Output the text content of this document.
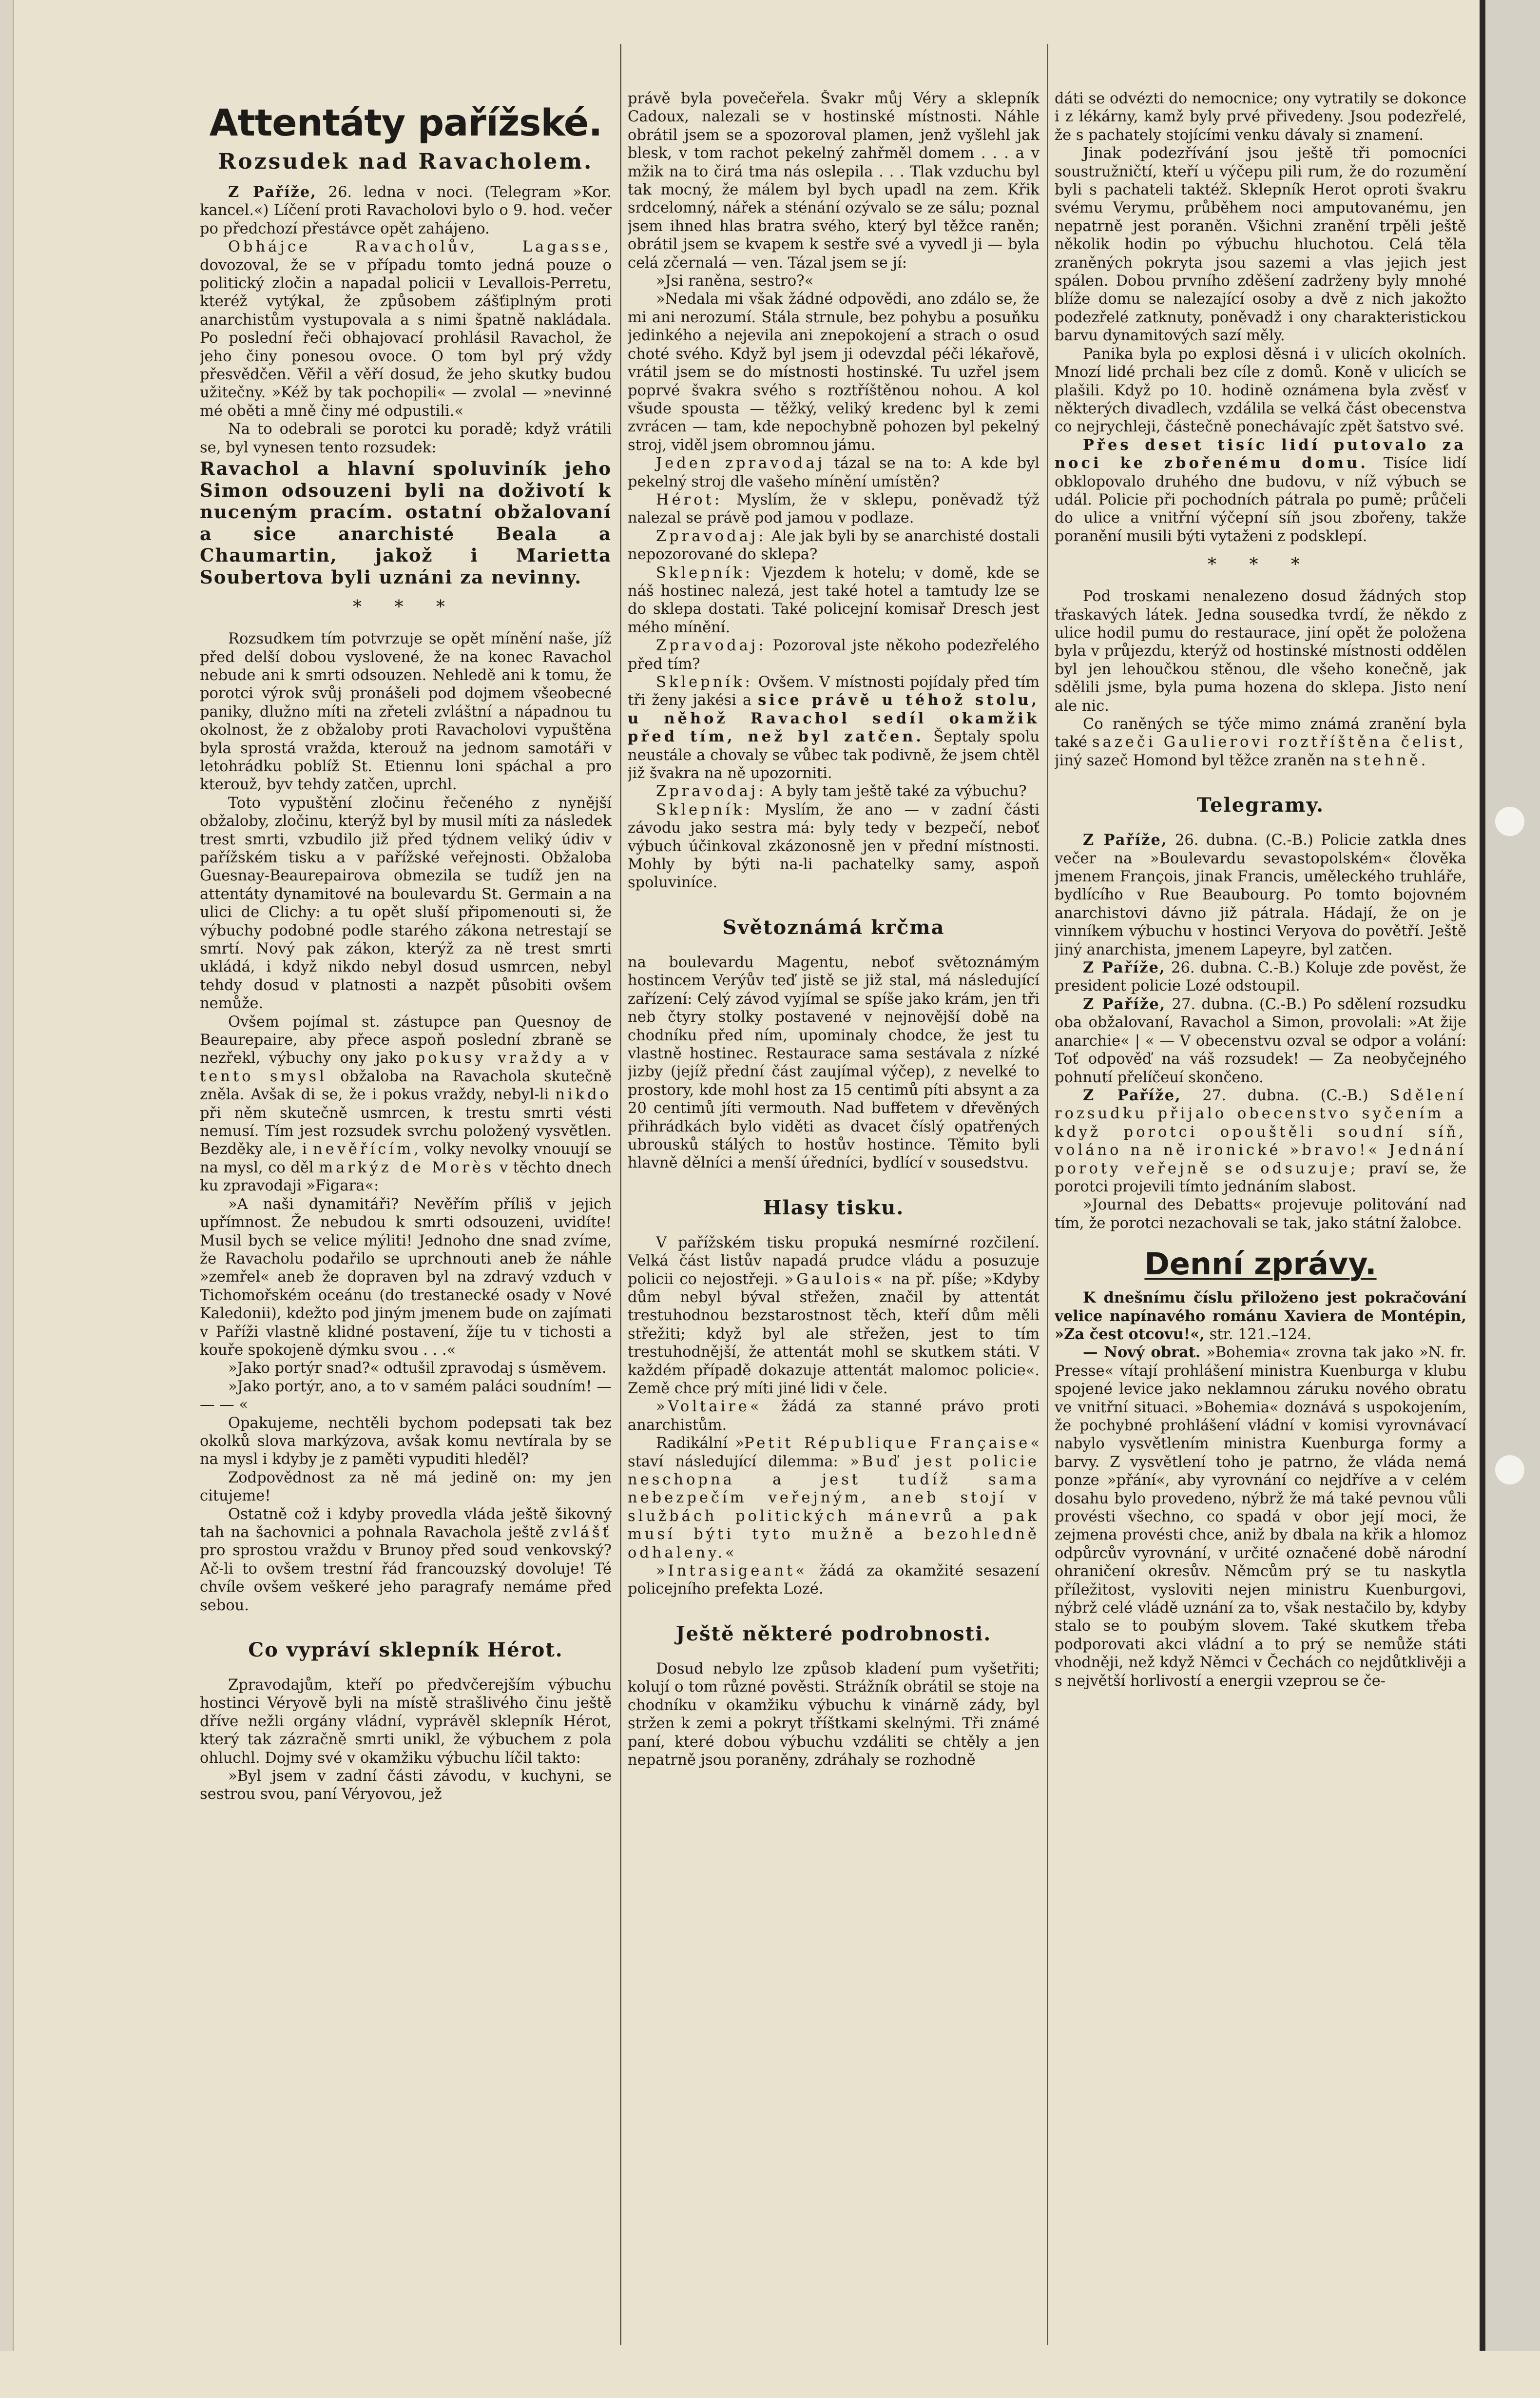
Attentáty pařížské.
Rozsudek nad Ravacholem.

Z Paříže, 26. ledna v noci. (Telegram »Kor. kancel.«) Líčení proti Ravacholovi bylo o 9. hod. večer po předchozí přestávce opět zahájeno.

Obhájce Ravacholův, Lagasse, dovozoval, že se v případu tomto jedná pouze o politický zločin a napadal policii v Levallois-Perretu, kteréž vytýkal, že způsobem zášťiplným proti anarchistům vystupovala a s nimi špatně nakládala. Po poslední řeči obhajovací prohlásil Ravachol, že jeho činy ponesou ovoce. O tom byl prý vždy přesvědčen. Věřil a věří dosud, že jeho skutky budou užitečny. »Kéž by tak pochopili« — zvolal — »nevinné mé oběti a mně činy mé odpustili.«

Na to odebrali se porotci ku poradě; když vrátili se, byl vynesen tento rozsudek:

Ravachol a hlavní spoluviník jeho Simon odsouzeni byli na doživotí k nuceným pracím. ostatní obžalovaní a sice anarchisté Beala a Chaumartin, jakož i Marietta Soubertova byli uznáni za nevinny.
* * *

Rozsudkem tím potvrzuje se opět mínění naše, jíž před delší dobou vyslovené, že na konec Ravachol nebude ani k smrti odsouzen. Nehledě ani k tomu, že porotci výrok svůj pronášeli pod dojmem všeobecné paniky, dlužno míti na zřeteli zvláštní a nápadnou tu okolnost, že z obžaloby proti Ravacholovi vypuštěna byla sprostá vražda, kterouž na jednom samotáři v letohrádku poblíž St. Etiennu loni spáchal a pro kterouž, byv tehdy zatčen, uprchl.

Toto vypuštění zločinu řečeného z nynější obžaloby, zločinu, kterýž byl by musil míti za následek trest smrti, vzbudilo již před týdnem veliký údiv v pařížském tisku a v pařížské veřejnosti. Obžaloba Guesnay-Beaurepairova obmezila se tudíž jen na attentáty dynamitové na boulevardu St. Germain a na ulici de Clichy: a tu opět sluší připomenouti si, že výbuchy podobné podle starého zákona netrestají se smrtí. Nový pak zákon, kterýž za ně trest smrti ukládá, i když nikdo nebyl dosud usmrcen, nebyl tehdy dosud v platnosti a nazpět působiti ovšem nemůže.

Ovšem pojímal st. zástupce pan Quesnoy de Beaurepaire, aby přece aspoň poslední zbraně se nezřekl, výbuchy ony jako pokusy vraždy a v tento smysl obžaloba na Ravachola skutečně zněla. Avšak di se, že i pokus vraždy, nebyl-li nikdo při něm skutečně usmrcen, k trestu smrti vésti nemusí. Tím jest rozsudek svrchu položený vysvětlen. Bezděky ale, i nevěřícím, volky nevolky vnouují se na mysl, co děl markýz de Morès v těchto dnech ku zpravodaji »Figara«:

»A naši dynamitáři? Nevěřím příliš v jejich upřímnost. Že nebudou k smrti odsouzeni, uvidíte! Musil bych se velice mýliti! Jednoho dne snad zvíme, že Ravacholu podařilo se uprchnouti aneb že náhle »zemřel« aneb že dopraven byl na zdravý vzduch v Tichomořském oceánu (do trestanecké osady v Nové Kaledonii), kdežto pod jiným jmenem bude on zajímati v Paříži vlastně klidné postavení, žíje tu v tichosti a kouře spokojeně dýmku svou . . .«

»Jako portýr snad?« odtušil zpravodaj s úsměvem.

»Jako portýr, ano, a to v samém paláci soudním! — — — «

Opakujeme, nechtěli bychom podepsati tak bez okolků slova markýzova, avšak komu nevtírala by se na mysl i kdyby je z paměti vypuditi hleděl?

Zodpovědnost za ně má jedině on: my jen citujeme!

Ostatně což i kdyby provedla vláda ještě šikovný tah na šachovnici a pohnala Ravachola ještě zvlášť pro sprostou vraždu v Brunoy před soud venkovský? Ač-li to ovšem trestní řád francouzský dovoluje! Té chvíle ovšem veškeré jeho paragrafy nemáme před sebou.

Co vypráví sklepník Hérot.

Zpravodajům, kteří po předvčerejším výbuchu hostinci Véryově byli na místě strašlivého činu ještě dříve nežli orgány vládní, vyprávěl sklepník Hérot, který tak zázračně smrti unikl, že výbuchem z pola ohluchl. Dojmy své v okamžiku výbuchu líčil takto:

»Byl jsem v zadní části závodu, v kuchyni, se sestrou svou, paní Véryovou, jež

právě byla povečeřela. Švakr můj Véry a sklepník Cadoux, nalezali se v hostinské místnosti. Náhle obrátil jsem se a spozoroval plamen, jenž vyšlehl jak blesk, v tom rachot pekelný zahřměl domem . . . a v mžik na to čirá tma nás oslepila . . . Tlak vzduchu byl tak mocný, že málem byl bych upadl na zem. Křik srdcelomný, nářek a sténání ozývalo se ze sálu; poznal jsem ihned hlas bratra svého, který byl těžce raněn; obrátil jsem se kvapem k sestře své a vyvedl ji — byla celá zčernalá — ven. Tázal jsem se jí:

»Jsi raněna, sestro?«

»Nedala mi však žádné odpovědi, ano zdálo se, že mi ani nerozumí. Stála strnule, bez pohybu a posuňku jedinkého a nejevila ani znepokojení a strach o osud choté svého. Když byl jsem ji odevzdal péči lékařově, vrátil jsem se do místnosti hostinské. Tu uzřel jsem poprvé švakra svého s roztříštěnou nohou. A kol všude spousta — těžký, veliký kredenc byl k zemi zvrácen — tam, kde nepochybně pohozen byl pekelný stroj, viděl jsem obromnou jámu.

Jeden zpravodaj tázal se na to: A kde byl pekelný stroj dle vašeho mínění umístěn?

Hérot: Myslím, že v sklepu, poněvadž týž nalezal se právě pod jamou v podlaze.

Zpravodaj: Ale jak byli by se anarchisté dostali nepozorované do sklepa?

Sklepník: Vjezdem k hotelu; v domě, kde se náš hostinec nalezá, jest také hotel a tamtudy lze se do sklepa dostati. Také policejní komisař Dresch jest mého mínění.

Zpravodaj: Pozoroval jste někoho podezřelého před tím?

Sklepník: Ovšem. V místnosti pojídaly před tím tři ženy jakési a sice právě u téhož stolu, u něhož Ravachol sedíl okamžik před tím, než byl zatčen. Šeptaly spolu neustále a chovaly se vůbec tak podivně, že jsem chtěl již švakra na ně upozorniti.

Zpravodaj: A byly tam ještě také za výbuchu?

Sklepník: Myslím, že ano — v zadní části závodu jako sestra má: byly tedy v bezpečí, neboť výbuch účinkoval zkázonosně jen v přední místnosti. Mohly by býti na-li pachatelky samy, aspoň spoluviníce.

Světoznámá krčma

na boulevardu Magentu, neboť světoznámým hostincem Verýův teď jistě se již stal, má následující zařízení: Celý závod vyjímal se spíše jako krám, jen tři neb čtyry stolky postavené v nejnovější době na chodníku před ním, upominaly chodce, že jest tu vlastně hostinec. Restaurace sama sestávala z nízké jizby (jejíž přední část zaujímal výčep), z nevelké to prostory, kde mohl host za 15 centimů píti absynt a za 20 centimů jíti vermouth. Nad buffetem v dřevěných přihrádkách bylo viděti as dvacet číslý opatřených ubrousků stálých to hostův hostince. Těmito byli hlavně dělníci a menší úředníci, bydlící v sousedstvu.

Hlasy tisku.

V pařížském tisku propuká nesmírné rozčilení. Velká část listův napadá prudce vládu a posuzuje policii co nejostřeji. »Gaulois« na př. píše; »Kdyby dům nebyl býval střežen, značil by attentát trestuhodnou bezstarostnost těch, kteří dům měli střežiti; když byl ale střežen, jest to tím trestuhodnější, že attentát mohl se skutkem státi. V každém případě dokazuje attentát malomoc policie«. Země chce prý míti jiné lidi v čele.

»Voltaire« žádá za stanné právo proti anarchistům.

Radikální »Petit République Française« staví následující dilemma: »Buď jest policie neschopna a jest tudíž sama nebezpečím veřejným, aneb stojí v službách politických mánevrů a pak musí býti tyto mužně a bezohledně odhaleny.«

»Intrasigeant« žádá za okamžité sesazení policejního prefekta Lozé.

Ještě některé podrobnosti.

Dosud nebylo lze způsob kladení pum vyšetřiti; kolují o tom různé pověsti. Strážník obrátil se stoje na chodníku v okamžiku výbuchu k vinárně zády, byl stržen k zemi a pokryt tříštkami skelnými. Tři známé paní, které dobou výbuchu vzdáliti se chtěly a jen nepatrně jsou poraněny, zdráhaly se rozhodně

dáti se odvézti do nemocnice; ony vytratily se dokonce i z lékárny, kamž byly prvé přivedeny. Jsou podezřelé, že s pachately stojícími venku dávaly si znamení.

Jinak podezřívání jsou ještě tři pomocníci soustružničtí, kteří u výčepu pili rum, že do rozumění byli s pachateli taktéž. Sklepník Herot oproti švakru svému Verymu, průběhem noci amputovanému, jen nepatrně jest poraněn. Všichni zranění trpěli ještě několik hodin po výbuchu hluchotou. Celá těla zraněných pokryta jsou sazemi a vlas jejich jest spálen. Dobou prvního zděšení zadrženy byly mnohé blíže domu se nalezající osoby a dvě z nich jakožto podezřelé zatknuty, poněvadž i ony charakteristickou barvu dynamitových sazí měly.

Panika byla po explosi děsná i v ulicích okolních. Mnozí lidé prchali bez cíle z domů. Koně v ulicích se plašili. Když po 10. hodině oznámena byla zvěsť v některých divadlech, vzdálila se velká část obecenstva co nejrychleji, částečně ponechávajíc zpět šatstvo své.

Přes deset tisíc lidí putovalo za noci ke zbořenému domu. Tisíce lidí obklopovalo druhého dne budovu, v níž výbuch se udál. Policie při pochodních pátrala po pumě; průčeli do ulice a vnitřní výčepní síň jsou zbořeny, takže poranění musili býti vytaženi z podsklepí.

* * *

Pod troskami nenalezeno dosud žádných stop třaskavých látek. Jedna sousedka tvrdí, že někdo z ulice hodil pumu do restaurace, jiní opět že položena byla v průjezdu, kterýž od hostinské místnosti oddělen byl jen lehoučkou stěnou, dle všeho konečně, jak sdělili jsme, byla puma hozena do sklepa. Jisto není ale nic.

Co raněných se týče mimo známá zranění byla také sazeči Gaulierovi roztříštěna čelist, jiný sazeč Homond byl těžce zraněn na stehně.

Telegramy.

Z Paříže, 26. dubna. (C.-B.) Policie zatkla dnes večer na »Boulevardu sevastopolském« člověka jmenem François, jinak Francis, uměleckého truhláře, bydlícího v Rue Beaubourg. Po tomto bojovném anarchistovi dávno již pátrala. Hádají, že on je vinníkem výbuchu v hostinci Veryova do povětří. Ještě jiný anarchista, jmenem Lapeyre, byl zatčen.

Z Paříže, 26. dubna. C.-B.) Koluje zde pověst, že president policie Lozé odstoupil.

Z Paříže, 27. dubna. (C.-B.) Po sdělení rozsudku oba obžalovaní, Ravachol a Simon, provolali: »At žije anarchie« | « — V obecenstvu ozval se odpor a volání: Toť odpověď na váš rozsudek! — Za neobyčejného pohnutí přelíčeuí skončeno.

Z Paříže, 27. dubna. (C.-B.) Sdělení rozsudku přijalo obecenstvo syčením a když porotci opouštěli soudní síň, voláno na ně ironické »bravo!« Jednání poroty veřejně se odsuzuje; praví se, že porotci projevili tímto jednáním slabost.

»Journal des Debatts« projevuje politování nad tím, že porotci nezachovali se tak, jako státní žalobce.

Denní zprávy.

K dnešnímu číslu přiloženo jest pokračování velice napínavého románu Xaviera de Montépin, »Za čest otcovu!«, str. 121.–124.

— Nový obrat. »Bohemia« zrovna tak jako »N. fr. Presse« vítají prohlášení ministra Kuenburga v klubu spojené levice jako neklamnou záruku nového obratu ve vnitřní situaci. »Bohemia« doznává s uspokojením, že pochybné prohlášení vládní v komisi vyrovnávací nabylo vysvětlením ministra Kuenburga formy a barvy. Z vysvětlení toho je patrno, že vláda nemá ponze »přání«, aby vyrovnání co nejdříve a v celém dosahu bylo provedeno, nýbrž že má také pevnou vůli provésti všechno, co spadá v obor její moci, že zejmena provésti chce, aniž by dbala na křik a hlomoz odpůrcův vyrovnání, v určité označené době národní ohraničení okresův. Němcům prý se tu naskytla příležitost, vysloviti nejen ministru Kuenburgovi, nýbrž celé vládě uznání za to, však nestačilo by, kdyby stalo se to poubým slovem. Také skutkem třeba podporovati akci vládní a to prý se nemůže státi vhodněji, než když Němci v Čechách co nejdůtklivěji a s největší horlivostí a energii vzeprou se če-
